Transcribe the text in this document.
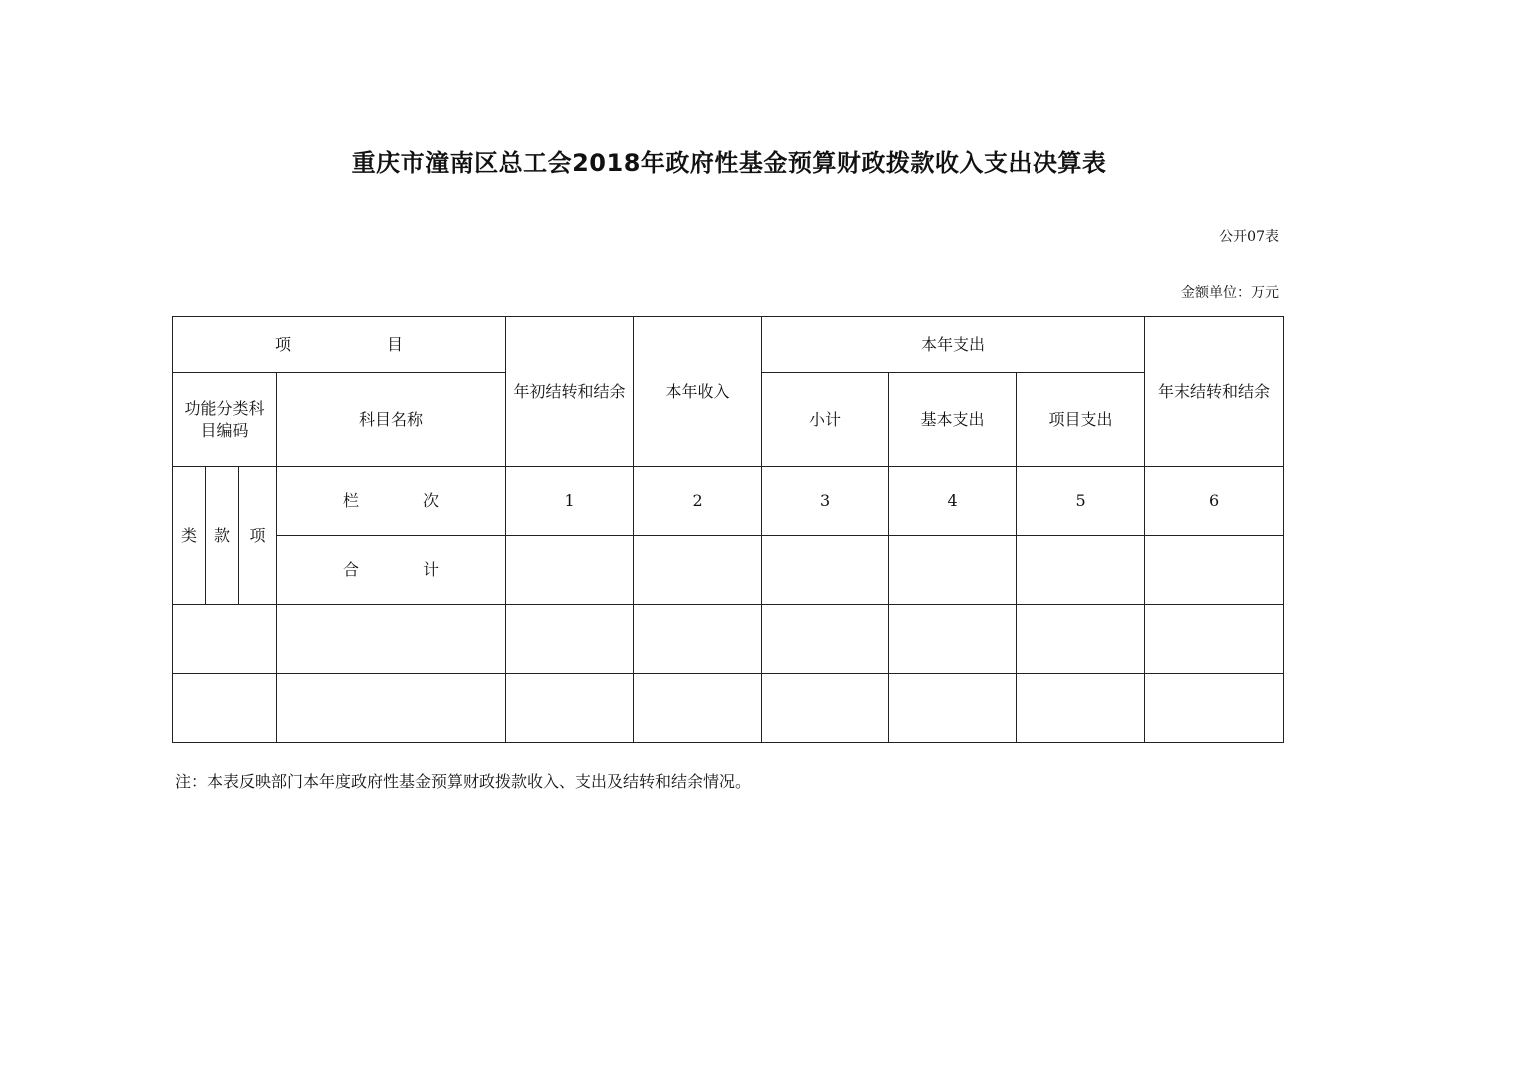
重庆市潼南区总工会2018年政府性基金预算财政拨款收入支出决算表
公开07表
金额单位：万元
项 目				年初结转和结余	本年收入	本年支出			年末结转和结余
功能分类科目编码			科目名称			小计	基本支出	项目支出	
类	款	项	栏 次	1	2	3	4	5	6
			合 计						

注：本表反映部门本年度政府性基金预算财政拨款收入、支出及结转和结余情况。
